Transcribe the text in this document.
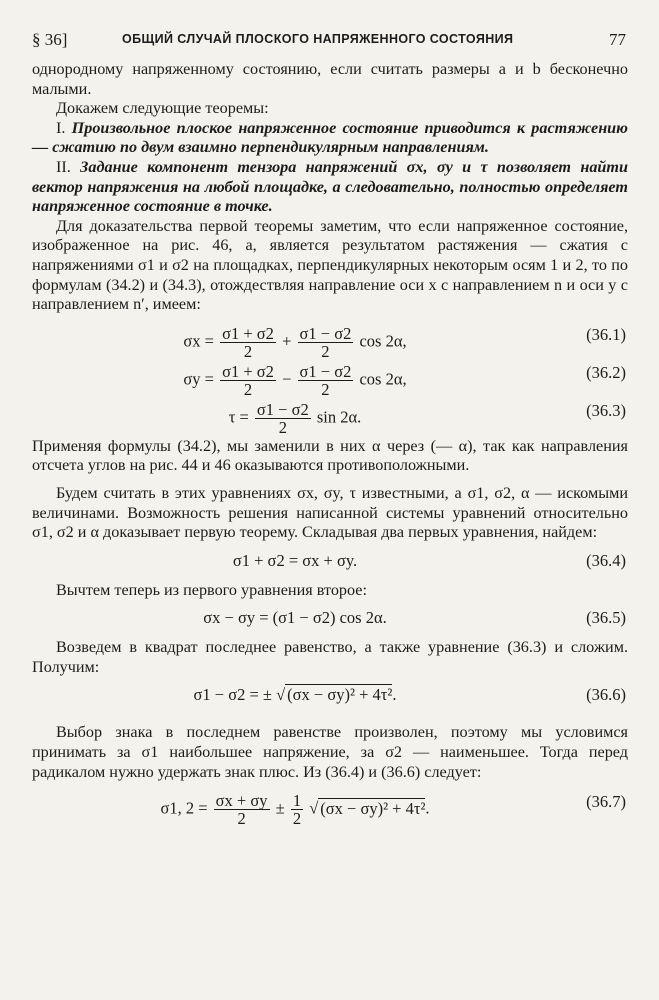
§ 36]	ОБЩИЙ СЛУЧАЙ ПЛОСКОГО НАПРЯЖЕННОГО СОСТОЯНИЯ	77

однородному напряженному состоянию, если считать размеры a и b бесконечно малыми.

Докажем следующие теоремы:

I. Произвольное плоское напряженное состояние приводится к растяжению — сжатию по двум взаимно перпендикулярным направлениям.

II. Задание компонент тензора напряжений σx, σy и τ позволяет найти вектор напряжения на любой площадке, а следовательно, полностью определяет напряженное состояние в точке.

Для доказательства первой теоремы заметим, что если напряженное состояние, изображенное на рис. 46, а, является результатом растяжения — сжатия с напряжениями σ1 и σ2 на площадках, перпендикулярных некоторым осям 1 и 2, то по формулам (34.2) и (34.3), отождествляя направление оси x с направлением n и оси y с направлением n′, имеем:

$\sigma x = \frac{\sigma 1 + \sigma 2}{2} + \frac{\sigma 1 - \sigma 2}{2}$ cos 2α,	(36.1)
$\sigma y = \frac{\sigma 1 + \sigma 2}{2} - \frac{\sigma 1 - \sigma 2}{2}$ cos 2α,	(36.2)
$\tau = \frac{\sigma 1 - \sigma 2}{2}$ sin 2α.	(36.3)

Применяя формулы (34.2), мы заменили в них α через (— α), так как направления отсчета углов на рис. 44 и 46 оказываются противоположными.

Будем считать в этих уравнениях σx, σy, τ известными, а σ1, σ2, α — искомыми величинами. Возможность решения написанной системы уравнений относительно σ1, σ2 и α доказывает первую теорему. Складывая два первых уравнения, найдем:

σ1 + σ2 = σx + σy.	(36.4)

Вычтем теперь из первого уравнения второе:

σx − σy = (σ1 − σ2) cos 2α.	(36.5)

Возведем в квадрат последнее равенство, а также уравнение (36.3) и сложим. Получим:

σ1 − σ2 = ± √ (σx − σy)² + 4τ².	(36.6)

Выбор знака в последнем равенстве произволен, поэтому мы условимся принимать за σ1 наибольшее напряжение, за σ2 — наименьшее. Тогда перед радикалом нужно удержать знак плюс. Из (36.4) и (36.6) следует:

σ1, $2 = \frac{\sigma x + \sigma y}{2} \pm \frac{1}{2}$ √ (σx − σy)² + 4τ².	(36.7)
